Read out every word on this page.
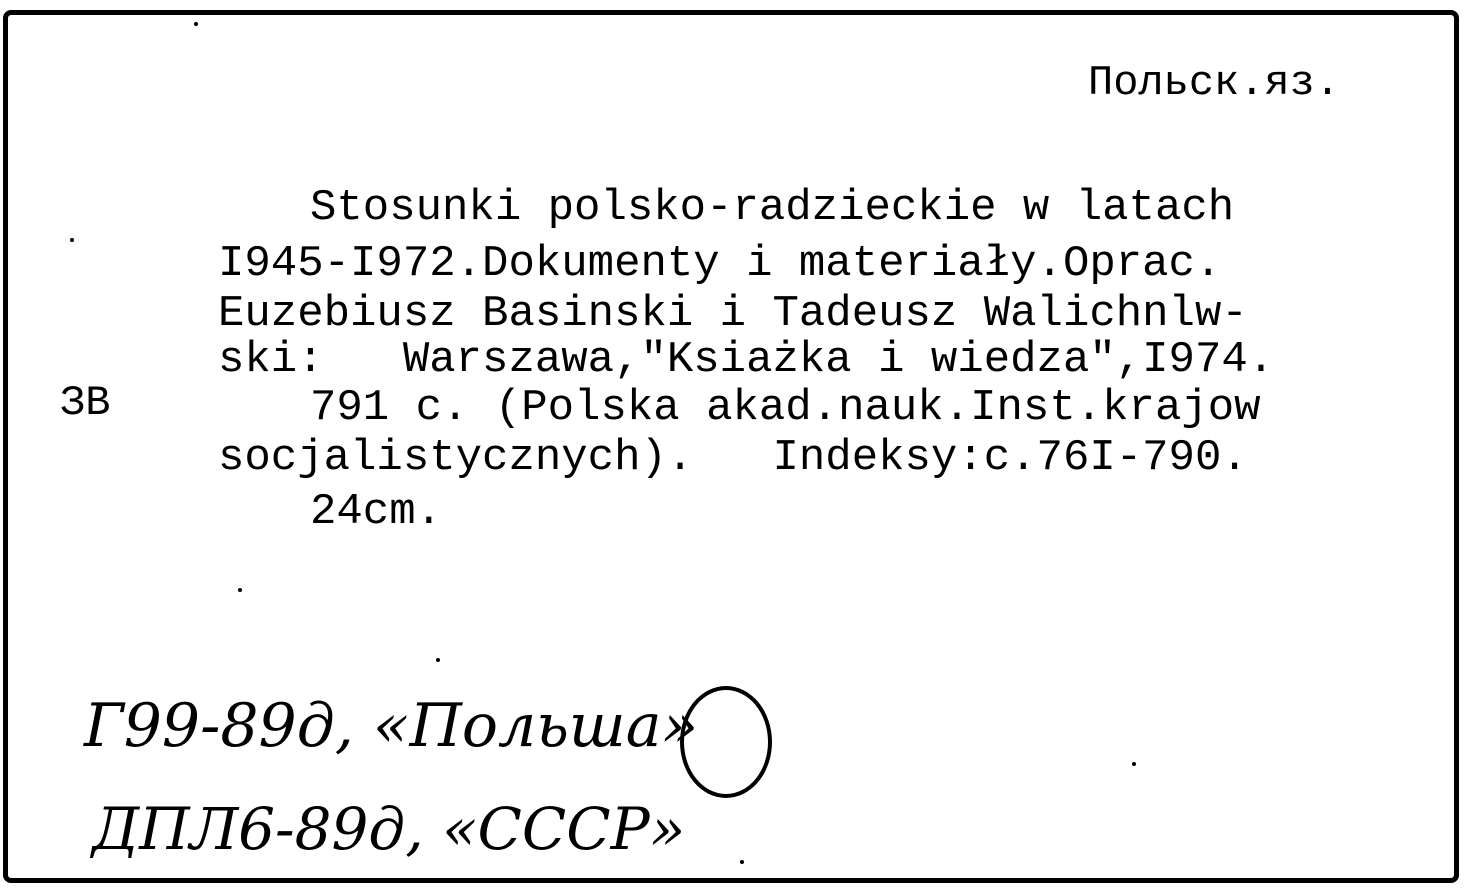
Польск.яз.
ЗВ
Stosunki polsko-radzieckie w latach
I945-I972.Dokumenty i materiały.Oprac.
Euzebiusz Basinski i Tadeusz Walichnlw-
ski:   Warszawa,"Ksiażka i wiedza",I974.
791 c. (Polska akad.nauk.Inst.krajow
socjalistycznych).   Indeksy:c.76I-790.
24cm.
Г99-89д, «Польша»
ДПЛ6-89д, «СССР»
